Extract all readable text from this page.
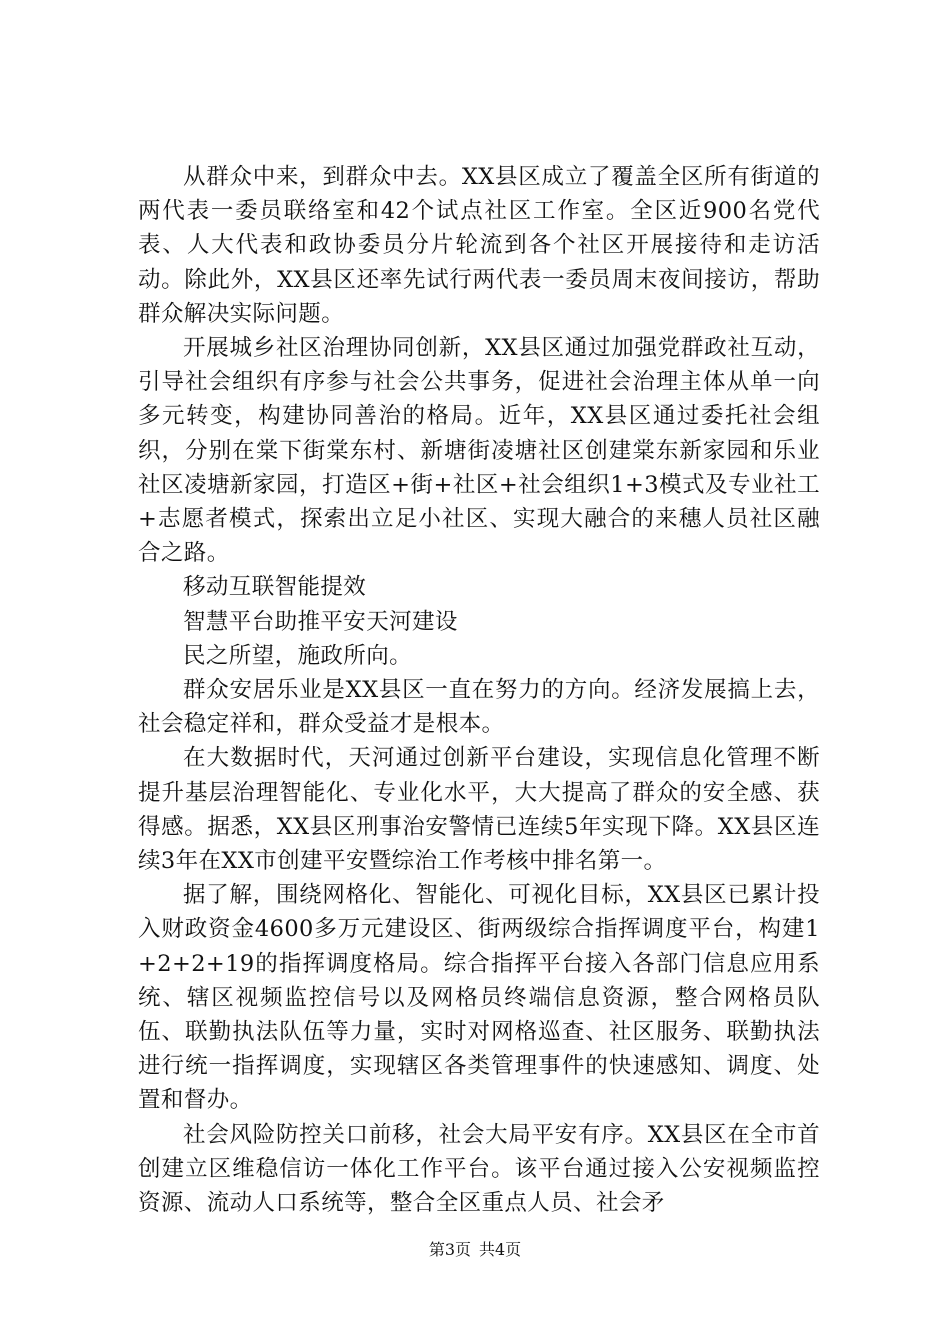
从群众中来，到群众中去。XX县区成立了覆盖全区所有街道的两代表一委员联络室和42个试点社区工作室。全区近900名党代表、人大代表和政协委员分片轮流到各个社区开展接待和走访活动。除此外，XX县区还率先试行两代表一委员周末夜间接访，帮助群众解决实际问题。

开展城乡社区治理协同创新，XX县区通过加强党群政社互动，引导社会组织有序参与社会公共事务，促进社会治理主体从单一向多元转变，构建协同善治的格局。近年，XX县区通过委托社会组织，分别在棠下街棠东村、新塘街凌塘社区创建棠东新家园和乐业社区凌塘新家园，打造区+街+社区+社会组织1+3模式及专业社工+志愿者模式，探索出立足小社区、实现大融合的来穗人员社区融合之路。

移动互联智能提效

智慧平台助推平安天河建设

民之所望，施政所向。

群众安居乐业是XX县区一直在努力的方向。经济发展搞上去，社会稳定祥和，群众受益才是根本。

在大数据时代，天河通过创新平台建设，实现信息化管理不断提升基层治理智能化、专业化水平，大大提高了群众的安全感、获得感。据悉，XX县区刑事治安警情已连续5年实现下降。XX县区连续3年在XX市创建平安暨综治工作考核中排名第一。

据了解，围绕网格化、智能化、可视化目标，XX县区已累计投入财政资金4600多万元建设区、街两级综合指挥调度平台，构建1+2+2+19的指挥调度格局。综合指挥平台接入各部门信息应用系统、辖区视频监控信号以及网格员终端信息资源，整合网格员队伍、联勤执法队伍等力量，实时对网格巡查、社区服务、联勤执法进行统一指挥调度，实现辖区各类管理事件的快速感知、调度、处置和督办。

社会风险防控关口前移，社会大局平安有序。XX县区在全市首创建立区维稳信访一体化工作平台。该平台通过接入公安视频监控资源、流动人口系统等，整合全区重点人员、社会矛

第3页 共4页
